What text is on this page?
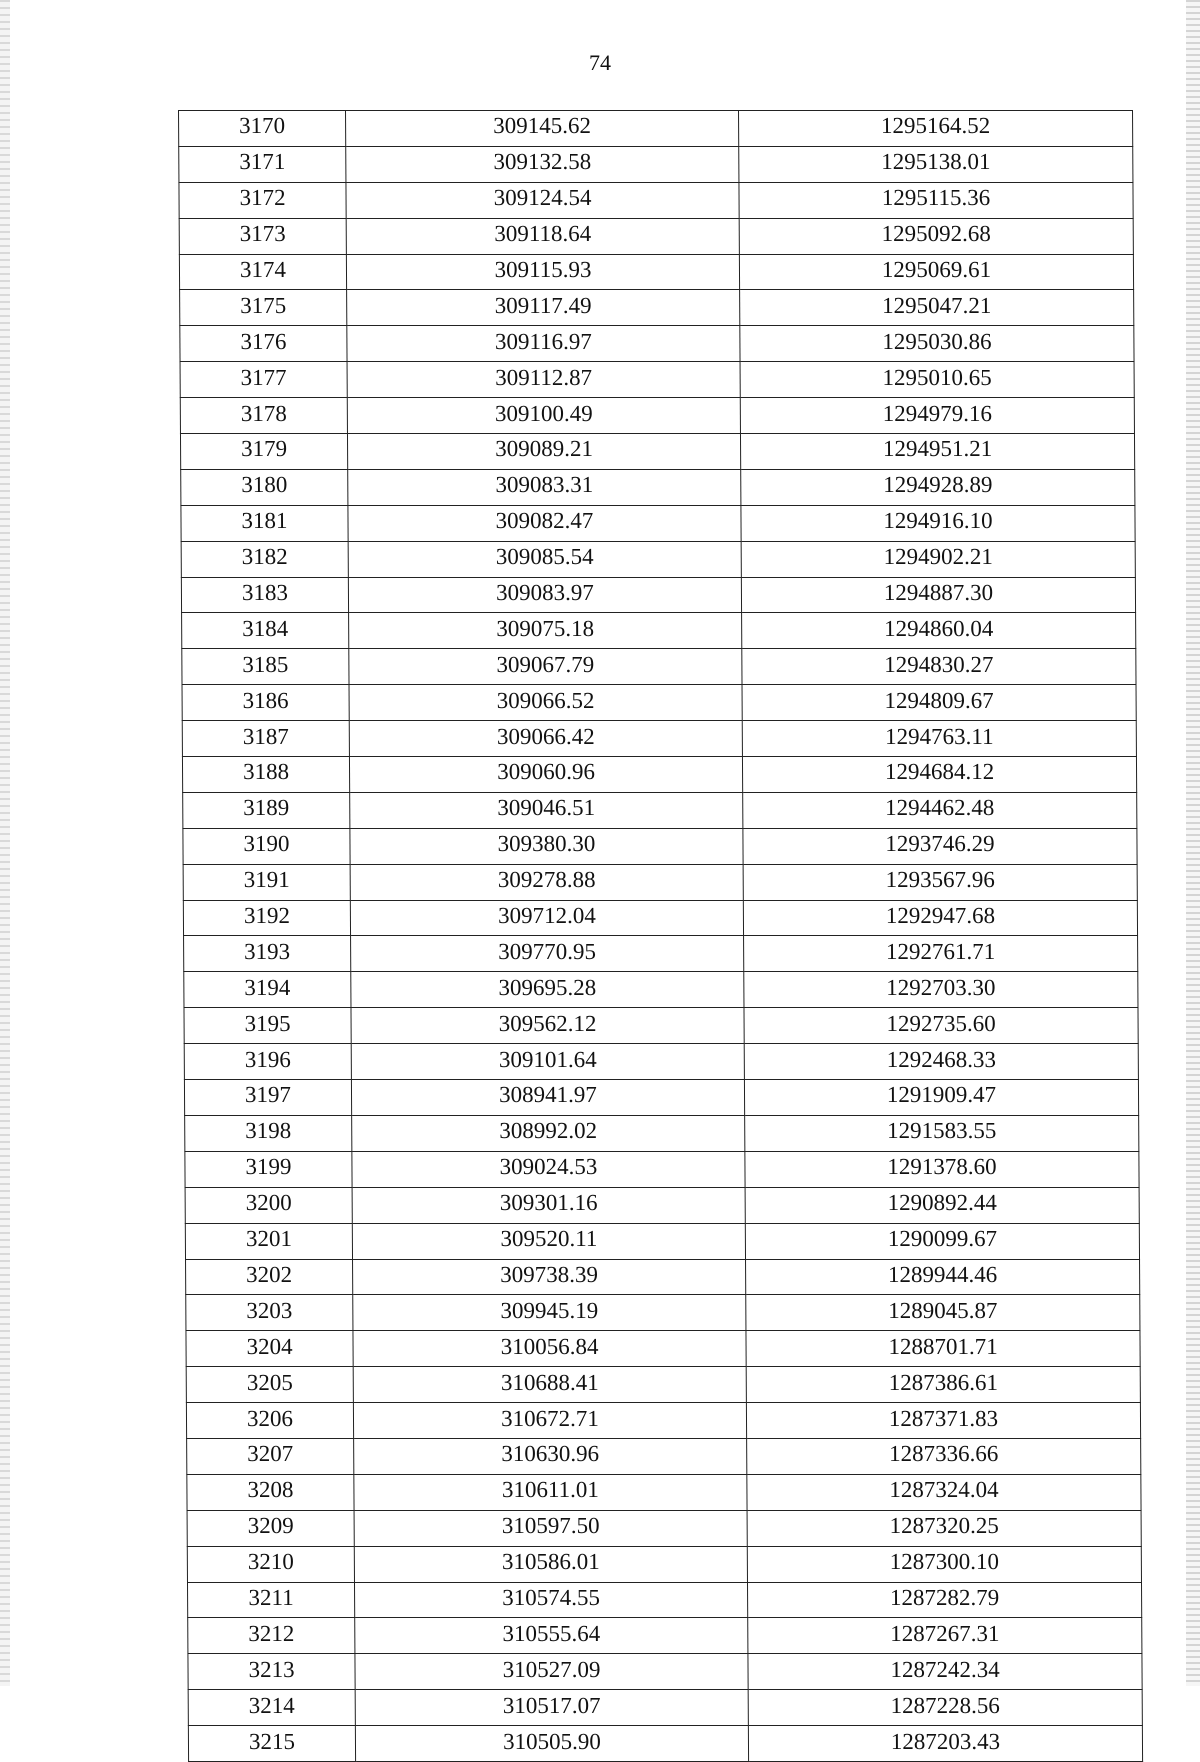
74
3170	309145.62	1295164.52
3171	309132.58	1295138.01
3172	309124.54	1295115.36
3173	309118.64	1295092.68
3174	309115.93	1295069.61
3175	309117.49	1295047.21
3176	309116.97	1295030.86
3177	309112.87	1295010.65
3178	309100.49	1294979.16
3179	309089.21	1294951.21
3180	309083.31	1294928.89
3181	309082.47	1294916.10
3182	309085.54	1294902.21
3183	309083.97	1294887.30
3184	309075.18	1294860.04
3185	309067.79	1294830.27
3186	309066.52	1294809.67
3187	309066.42	1294763.11
3188	309060.96	1294684.12
3189	309046.51	1294462.48
3190	309380.30	1293746.29
3191	309278.88	1293567.96
3192	309712.04	1292947.68
3193	309770.95	1292761.71
3194	309695.28	1292703.30
3195	309562.12	1292735.60
3196	309101.64	1292468.33
3197	308941.97	1291909.47
3198	308992.02	1291583.55
3199	309024.53	1291378.60
3200	309301.16	1290892.44
3201	309520.11	1290099.67
3202	309738.39	1289944.46
3203	309945.19	1289045.87
3204	310056.84	1288701.71
3205	310688.41	1287386.61
3206	310672.71	1287371.83
3207	310630.96	1287336.66
3208	310611.01	1287324.04
3209	310597.50	1287320.25
3210	310586.01	1287300.10
3211	310574.55	1287282.79
3212	310555.64	1287267.31
3213	310527.09	1287242.34
3214	310517.07	1287228.56
3215	310505.90	1287203.43
